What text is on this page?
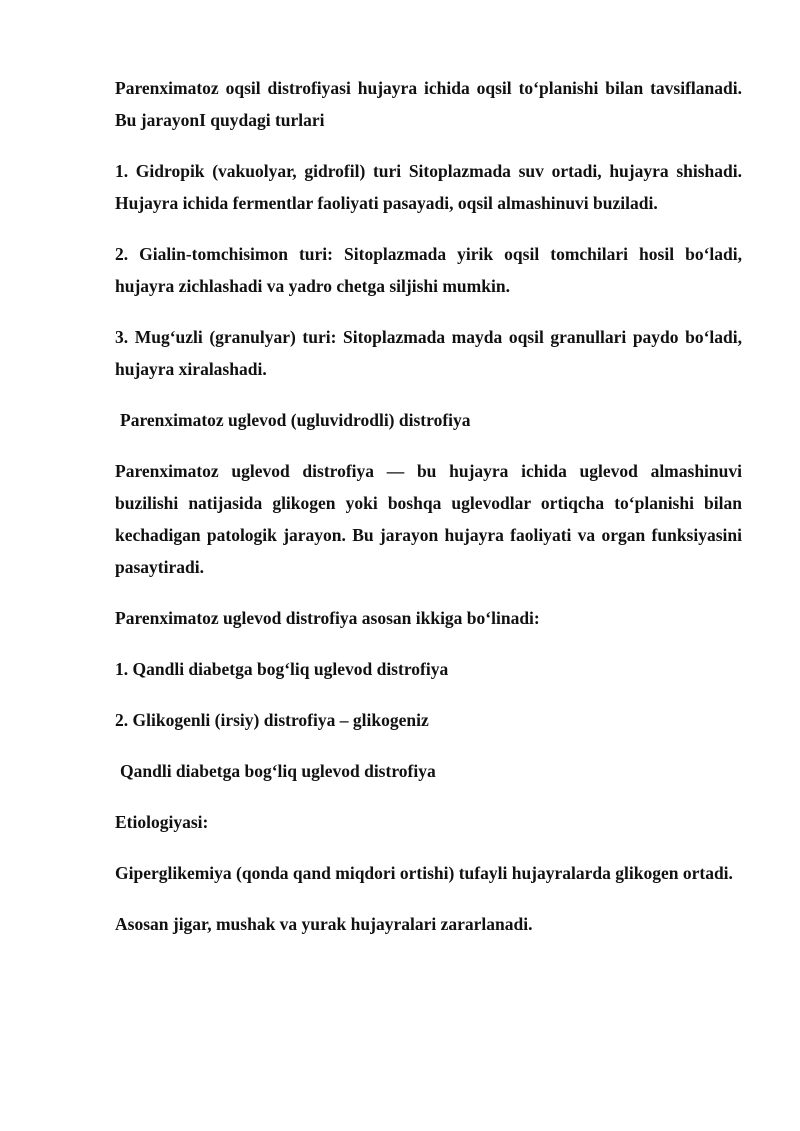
Parenximatoz oqsil distrofiyasi hujayra ichida oqsil to‘planishi bilan tavsiflanadi. Bu jarayonI quydagi turlari

1. Gidropik (vakuolyar, gidrofil) turi Sitoplazmada suv ortadi, hujayra shishadi. Hujayra ichida fermentlar faoliyati pasayadi, oqsil almashinuvi buziladi.

2. Gialin-tomchisimon turi: Sitoplazmada yirik oqsil tomchilari hosil bo‘ladi, hujayra zichlashadi va yadro chetga siljishi mumkin.

3. Mug‘uzli (granulyar) turi: Sitoplazmada mayda oqsil granullari paydo bo‘ladi, hujayra xiralashadi.

Parenximatoz uglevod (ugluvidrodli) distrofiya

Parenximatoz uglevod distrofiya — bu hujayra ichida uglevod almashinuvi buzilishi natijasida glikogen yoki boshqa uglevodlar ortiqcha to‘planishi bilan kechadigan patologik jarayon. Bu jarayon hujayra faoliyati va organ funksiyasini pasaytiradi.

Parenximatoz uglevod distrofiya asosan ikkiga bo‘linadi:

1. Qandli diabetga bog‘liq uglevod distrofiya

2. Glikogenli (irsiy) distrofiya – glikogeniz

Qandli diabetga bog‘liq uglevod distrofiya

Etiologiyasi:

Giperglikemiya (qonda qand miqdori ortishi) tufayli hujayralarda glikogen ortadi.

Asosan jigar, mushak va yurak hujayralari zararlanadi.
